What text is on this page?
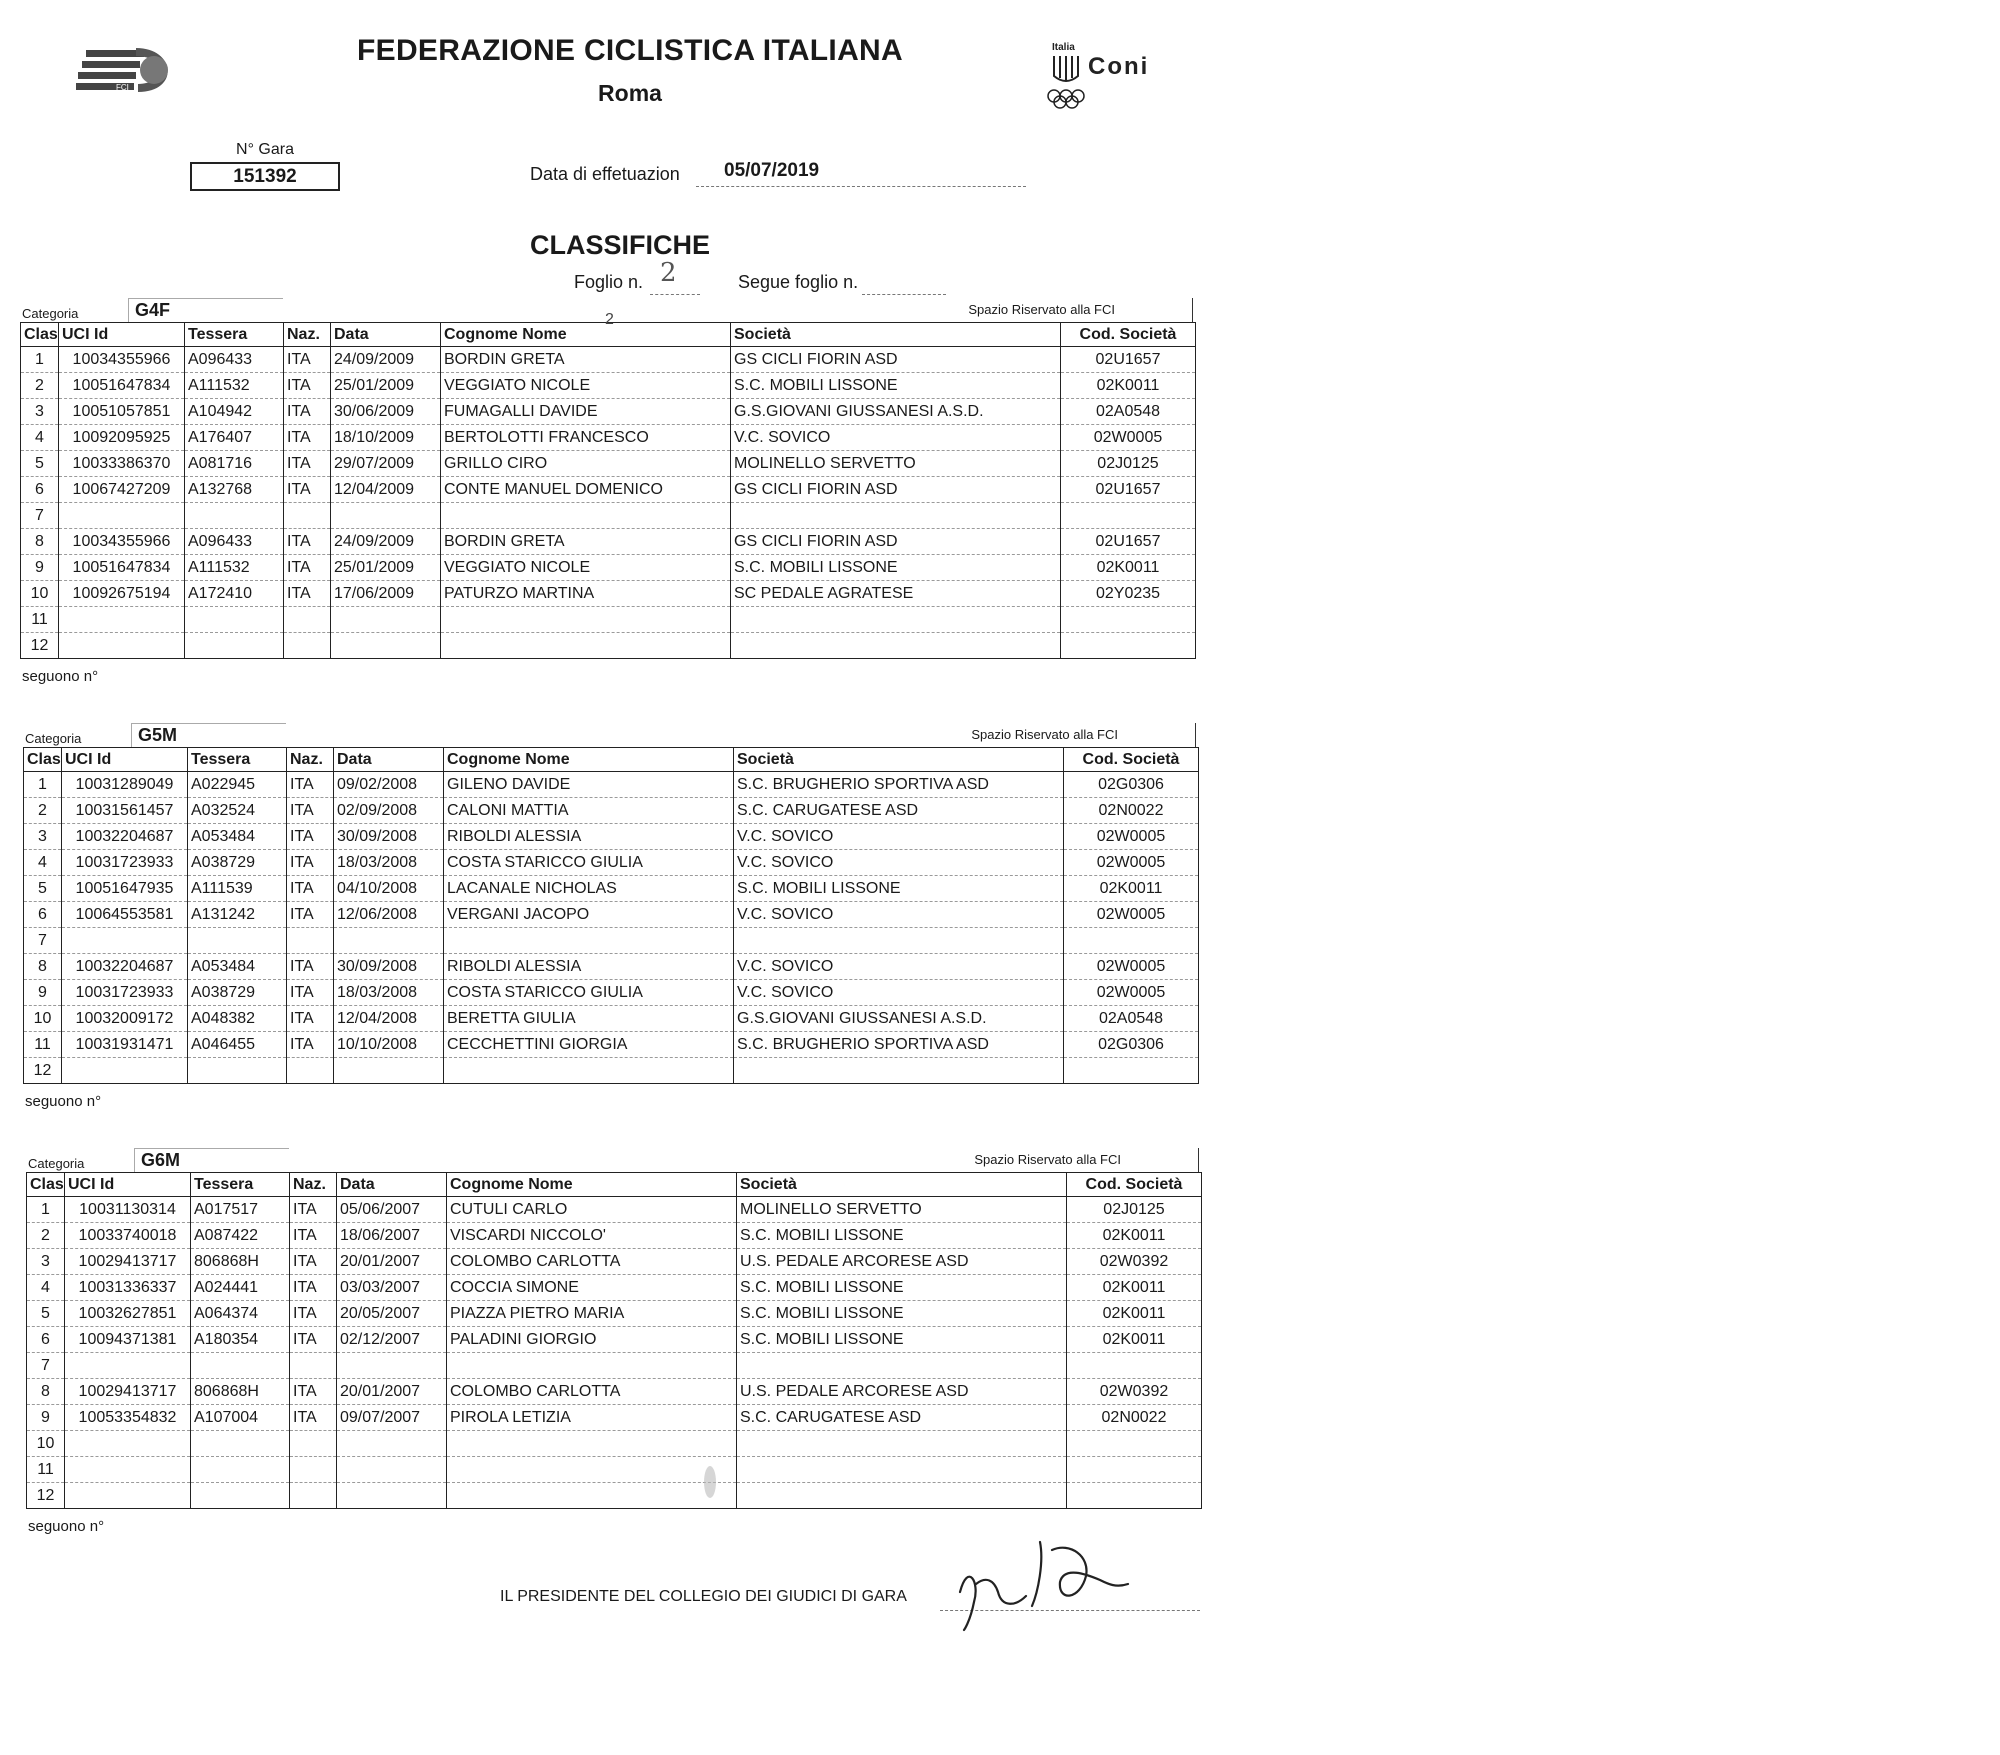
FCI
Italia
Coni
FEDERAZIONE CICLISTICA ITALIANA
Roma
N° Gara
151392	Data di effetuazion 05/07/2019
CLASSIFICHE
Foglio n. 2	Segue foglio n.
Categoria	G4F	2
Spazio Riservato alla FCI
Clas	UCI Id	Tessera	Naz.	Data	Cognome Nome	Società	Cod. Società
1	10034355966	A096433	ITA	24/09/2009	BORDIN GRETA	GS CICLI FIORIN ASD	02U1657
2	10051647834	A111532	ITA	25/01/2009	VEGGIATO NICOLE	S.C. MOBILI LISSONE	02K0011
3	10051057851	A104942	ITA	30/06/2009	FUMAGALLI DAVIDE	G.S.GIOVANI GIUSSANESI A.S.D.	02A0548
4	10092095925	A176407	ITA	18/10/2009	BERTOLOTTI FRANCESCO	V.C. SOVICO	02W0005
5	10033386370	A081716	ITA	29/07/2009	GRILLO CIRO	MOLINELLO SERVETTO	02J0125
6	10067427209	A132768	ITA	12/04/2009	CONTE MANUEL DOMENICO	GS CICLI FIORIN ASD	02U1657
7							
8	10034355966	A096433	ITA	24/09/2009	BORDIN GRETA	GS CICLI FIORIN ASD	02U1657
9	10051647834	A111532	ITA	25/01/2009	VEGGIATO NICOLE	S.C. MOBILI LISSONE	02K0011
10	10092675194	A172410	ITA	17/06/2009	PATURZO MARTINA	SC PEDALE AGRATESE	02Y0235
11							
12							
seguono n°
Categoria	G5M	Spazio Riservato alla FCI
Clas	UCI Id	Tessera	Naz.	Data	Cognome Nome	Società	Cod. Società
1	10031289049	A022945	ITA	09/02/2008	GILENO DAVIDE	S.C. BRUGHERIO SPORTIVA ASD	02G0306
2	10031561457	A032524	ITA	02/09/2008	CALONI MATTIA	S.C. CARUGATESE ASD	02N0022
3	10032204687	A053484	ITA	30/09/2008	RIBOLDI ALESSIA	V.C. SOVICO	02W0005
4	10031723933	A038729	ITA	18/03/2008	COSTA STARICCO GIULIA	V.C. SOVICO	02W0005
5	10051647935	A111539	ITA	04/10/2008	LACANALE NICHOLAS	S.C. MOBILI LISSONE	02K0011
6	10064553581	A131242	ITA	12/06/2008	VERGANI JACOPO	V.C. SOVICO	02W0005
7							
8	10032204687	A053484	ITA	30/09/2008	RIBOLDI ALESSIA	V.C. SOVICO	02W0005
9	10031723933	A038729	ITA	18/03/2008	COSTA STARICCO GIULIA	V.C. SOVICO	02W0005
10	10032009172	A048382	ITA	12/04/2008	BERETTA GIULIA	G.S.GIOVANI GIUSSANESI A.S.D.	02A0548
11	10031931471	A046455	ITA	10/10/2008	CECCHETTINI GIORGIA	S.C. BRUGHERIO SPORTIVA ASD	02G0306
12							
seguono n°
Categoria	G6M	Spazio Riservato alla FCI
Clas	UCI Id	Tessera	Naz.	Data	Cognome Nome	Società	Cod. Società
1	10031130314	A017517	ITA	05/06/2007	CUTULI CARLO	MOLINELLO SERVETTO	02J0125
2	10033740018	A087422	ITA	18/06/2007	VISCARDI NICCOLO'	S.C. MOBILI LISSONE	02K0011
3	10029413717	806868H	ITA	20/01/2007	COLOMBO CARLOTTA	U.S. PEDALE ARCORESE ASD	02W0392
4	10031336337	A024441	ITA	03/03/2007	COCCIA SIMONE	S.C. MOBILI LISSONE	02K0011
5	10032627851	A064374	ITA	20/05/2007	PIAZZA PIETRO MARIA	S.C. MOBILI LISSONE	02K0011
6	10094371381	A180354	ITA	02/12/2007	PALADINI GIORGIO	S.C. MOBILI LISSONE	02K0011
7							
8	10029413717	806868H	ITA	20/01/2007	COLOMBO CARLOTTA	U.S. PEDALE ARCORESE ASD	02W0392
9	10053354832	A107004	ITA	09/07/2007	PIROLA LETIZIA	S.C. CARUGATESE ASD	02N0022
10							
11							
12							
seguono n°
IL PRESIDENTE DEL COLLEGIO DEI GIUDICI DI GARA
